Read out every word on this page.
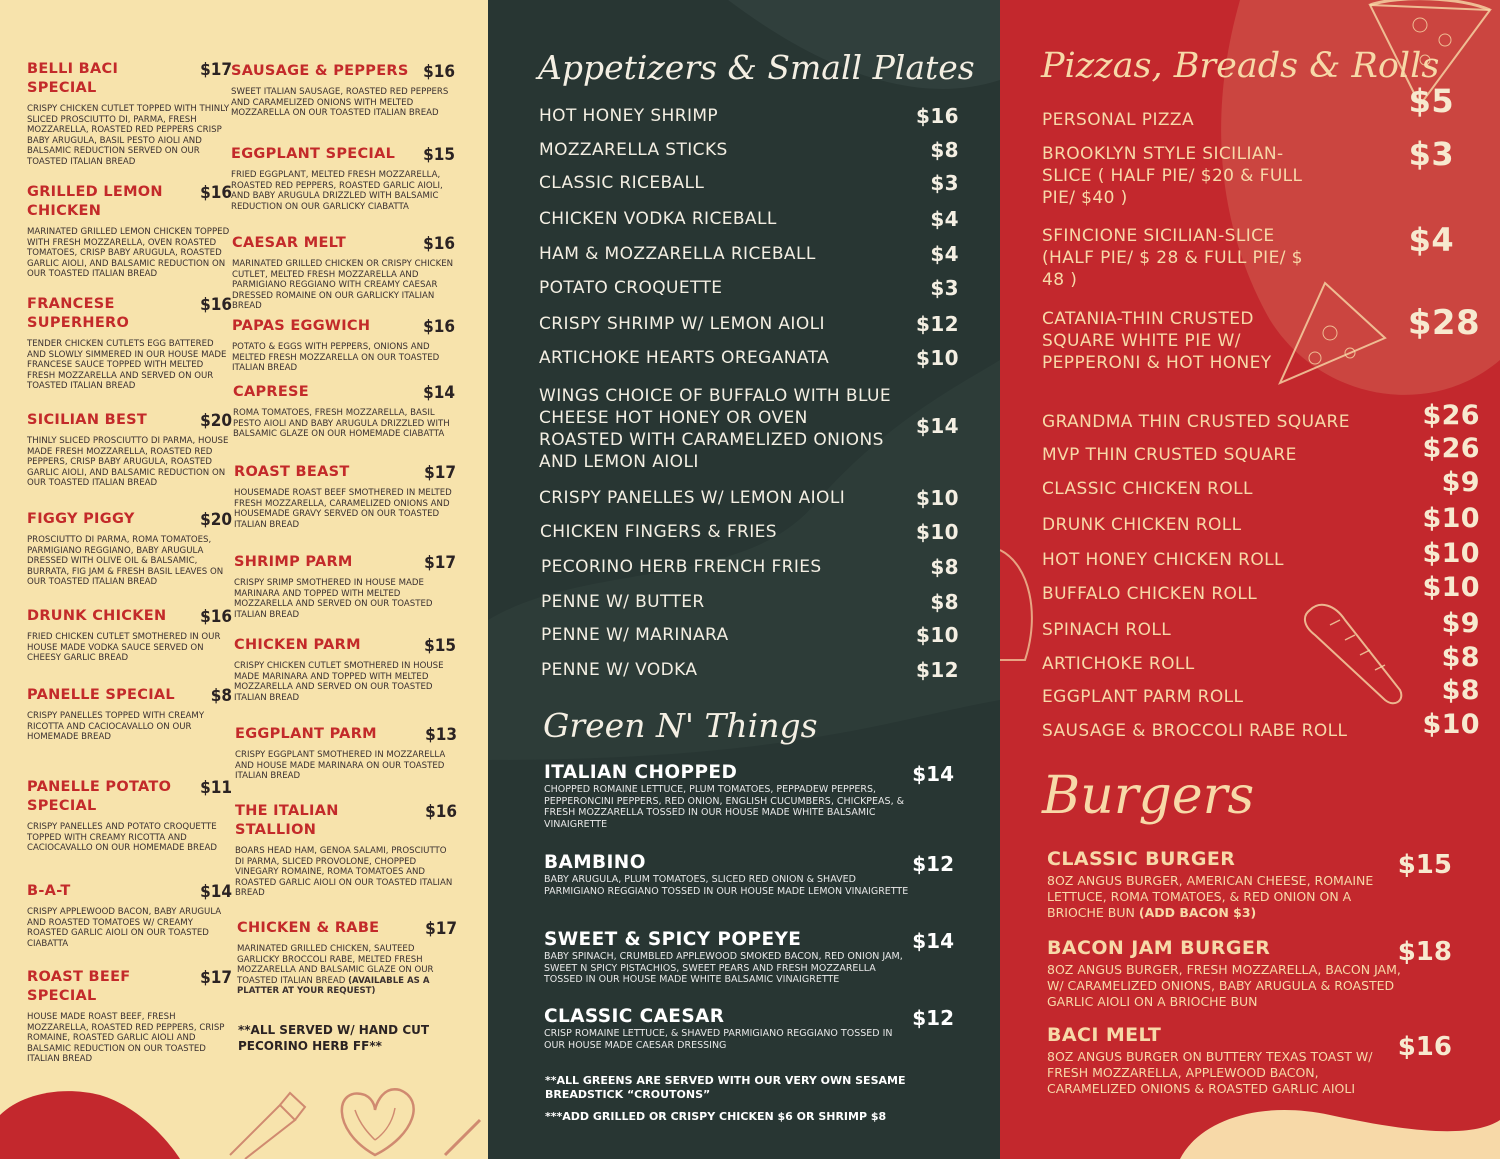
BELLI BACI SPECIAL
$17
CRISPY CHICKEN CUTLET TOPPED WITH THINLY SLICED PROSCIUTTO DI, PARMA, FRESH MOZZARELLA, ROASTED RED PEPPERS CRISP BABY ARUGULA, BASIL PESTO AIOLI AND BALSAMIC REDUCTION SERVED ON OUR TOASTED ITALIAN BREAD
GRILLED LEMON CHICKEN
$16
MARINATED GRILLED LEMON CHICKEN TOPPED WITH FRESH MOZZARELLA, OVEN ROASTED TOMATOES, CRISP BABY ARUGULA, ROASTED GARLIC AIOLI, AND BALSAMIC REDUCTION ON OUR TOASTED ITALIAN BREAD
FRANCESE SUPERHERO
$16
TENDER CHICKEN CUTLETS EGG BATTERED AND SLOWLY SIMMERED IN OUR HOUSE MADE FRANCESE SAUCE TOPPED WITH MELTED FRESH MOZZARELLA AND SERVED ON OUR TOASTED ITALIAN BREAD
SICILIAN BEST	$20
THINLY SLICED PROSCIUTTO DI PARMA, HOUSE MADE FRESH MOZZARELLA, ROASTED RED PEPPERS, CRISP BABY ARUGULA, ROASTED GARLIC AIOLI, AND BALSAMIC REDUCTION ON OUR TOASTED ITALIAN BREAD
FIGGY PIGGY	$20
PROSCIUTTO DI PARMA, ROMA TOMATOES, PARMIGIANO REGGIANO, BABY ARUGULA DRESSED WITH OLIVE OIL & BALSAMIC, BURRATA, FIG JAM & FRESH BASIL LEAVES ON OUR TOASTED ITALIAN BREAD
DRUNK CHICKEN	$16
FRIED CHICKEN CUTLET SMOTHERED IN OUR HOUSE MADE VODKA SAUCE SERVED ON CHEESY GARLIC BREAD
PANELLE SPECIAL $8
CRISPY PANELLES TOPPED WITH CREAMY RICOTTA AND CACIOCAVALLO ON OUR HOMEMADE BREAD
PANELLE POTATO SPECIAL
$11
CRISPY PANELLES AND POTATO CROQUETTE TOPPED WITH CREAMY RICOTTA AND CACIOCAVALLO ON OUR HOMEMADE BREAD
B-A-T	$14
CRISPY APPLEWOOD BACON, BABY ARUGULA AND ROASTED TOMATOES W/ CREAMY ROASTED GARLIC AIOLI ON OUR TOASTED CIABATTA
ROAST BEEF SPECIAL
$17
HOUSE MADE ROAST BEEF, FRESH MOZZARELLA, ROASTED RED PEPPERS, CRISP ROMAINE, ROASTED GARLIC AIOLI AND BALSAMIC REDUCTION ON OUR TOASTED ITALIAN BREAD
SAUSAGE & PEPPERS $16
SWEET ITALIAN SAUSAGE, ROASTED RED PEPPERS AND CARAMELIZED ONIONS WITH MELTED MOZZARELLA ON OUR TOASTED ITALIAN BREAD
EGGPLANT SPECIAL	$15
FRIED EGGPLANT, MELTED FRESH MOZZARELLA, ROASTED RED PEPPERS, ROASTED GARLIC AIOLI, AND BABY ARUGULA DRIZZLED WITH BALSAMIC REDUCTION ON OUR GARLICKY CIABATTA
CAESAR MELT	$16
MARINATED GRILLED CHICKEN OR CRISPY CHICKEN CUTLET, MELTED FRESH MOZZARELLA AND PARMIGIANO REGGIANO WITH CREAMY CAESAR DRESSED ROMAINE ON OUR GARLICKY ITALIAN BREAD
PAPAS EGGWICH	$16
POTATO & EGGS WITH PEPPERS, ONIONS AND MELTED FRESH MOZZARELLA ON OUR TOASTED ITALIAN BREAD
CAPRESE	$14
ROMA TOMATOES, FRESH MOZZARELLA, BASIL PESTO AIOLI AND BABY ARUGULA DRIZZLED WITH BALSAMIC GLAZE ON OUR HOMEMADE CIABATTA
ROAST BEAST	$17
HOUSEMADE ROAST BEEF SMOTHERED IN MELTED FRESH MOZZARELLA, CARAMELIZED ONIONS AND HOUSEMADE GRAVY SERVED ON OUR TOASTED ITALIAN BREAD
SHRIMP PARM	$17
CRISPY SRIMP SMOTHERED IN HOUSE MADE MARINARA AND TOPPED WITH MELTED MOZZARELLA AND SERVED ON OUR TOASTED ITALIAN BREAD
CHICKEN PARM	$15
CRISPY CHICKEN CUTLET SMOTHERED IN HOUSE MADE MARINARA AND TOPPED WITH MELTED MOZZARELLA AND SERVED ON OUR TOASTED ITALIAN BREAD
EGGPLANT PARM	$13
CRISPY EGGPLANT SMOTHERED IN MOZZARELLA AND HOUSE MADE MARINARA ON OUR TOASTED ITALIAN BREAD
THE ITALIAN STALLION
$16
BOARS HEAD HAM, GENOA SALAMI, PROSCIUTTO DI PARMA, SLICED PROVOLONE, CHOPPED VINEGARY ROMAINE, ROMA TOMATOES AND ROASTED GARLIC AIOLI ON OUR TOASTED ITALIAN BREAD
CHICKEN & RABE	$17
MARINATED GRILLED CHICKEN, SAUTEED GARLICKY BROCCOLI RABE, MELTED FRESH MOZZARELLA AND BALSAMIC GLAZE ON OUR TOASTED ITALIAN BREAD (AVAILABLE AS A PLATTER AT YOUR REQUEST)
**ALL SERVED W/ HAND CUT PECORINO HERB FF**
Appetizers & Small Plates
HOT HONEY SHRIMP	$16
MOZZARELLA STICKS	$8
CLASSIC RICEBALL	$3
CHICKEN VODKA RICEBALL	$4
HAM & MOZZARELLA RICEBALL	$4
POTATO CROQUETTE	$3
CRISPY SHRIMP W/ LEMON AIOLI	$12
ARTICHOKE HEARTS OREGANATA	$10
WINGS CHOICE OF BUFFALO WITH BLUE CHEESE HOT HONEY OR OVEN ROASTED WITH CARAMELIZED ONIONS AND LEMON AIOLI
$14
CRISPY PANELLES W/ LEMON AIOLI	$10
CHICKEN FINGERS & FRIES	$10
PECORINO HERB FRENCH FRIES	$8
PENNE W/ BUTTER	$8
PENNE W/ MARINARA	$10
PENNE W/ VODKA	$12
Green N' Things
ITALIAN CHOPPED	$14
CHOPPED ROMAINE LETTUCE, PLUM TOMATOES, PEPPADEW PEPPERS, PEPPERONCINI PEPPERS, RED ONION, ENGLISH CUCUMBERS, CHICKPEAS, & FRESH MOZZARELLA TOSSED IN OUR HOUSE MADE WHITE BALSAMIC VINAIGRETTE
BAMBINO	$12
BABY ARUGULA, PLUM TOMATOES, SLICED RED ONION & SHAVED PARMIGIANO REGGIANO TOSSED IN OUR HOUSE MADE LEMON VINAIGRETTE
SWEET & SPICY POPEYE	$14
BABY SPINACH, CRUMBLED APPLEWOOD SMOKED BACON, RED ONION JAM, SWEET N SPICY PISTACHIOS, SWEET PEARS AND FRESH MOZZARELLA TOSSED IN OUR HOUSE MADE WHITE BALSAMIC VINAIGRETTE
CLASSIC CAESAR	$12
CRISP ROMAINE LETTUCE, & SHAVED PARMIGIANO REGGIANO TOSSED IN OUR HOUSE MADE CAESAR DRESSING
**ALL GREENS ARE SERVED WITH OUR VERY OWN SESAME BREADSTICK “CROUTONS”
***ADD GRILLED OR CRISPY CHICKEN $6 OR SHRIMP $8
Pizzas, Breads & Rolls
PERSONAL PIZZA	$5
BROOKLYN STYLE SICILIAN-SLICE ( HALF PIE/ $20 & FULL PIE/ $40 )
$3
SFINCIONE SICILIAN-SLICE (HALF PIE/ $ 28 & FULL PIE/ $ 48 )
$4
CATANIA-THIN CRUSTED SQUARE WHITE PIE W/ PEPPERONI & HOT HONEY
$28
GRANDMA THIN CRUSTED SQUARE	$26
MVP THIN CRUSTED SQUARE	$26
CLASSIC CHICKEN ROLL	$9
DRUNK CHICKEN ROLL	$10
HOT HONEY CHICKEN ROLL	$10
BUFFALO CHICKEN ROLL	$10
SPINACH ROLL	$9
ARTICHOKE ROLL	$8
EGGPLANT PARM ROLL	$8
SAUSAGE & BROCCOLI RABE ROLL	$10
Burgers
CLASSIC BURGER	$15
8OZ ANGUS BURGER, AMERICAN CHEESE, ROMAINE LETTUCE, ROMA TOMATOES, & RED ONION ON A BRIOCHE BUN (ADD BACON $3)
BACON JAM BURGER	$18
8OZ ANGUS BURGER, FRESH MOZZARELLA, BACON JAM, W/ CARAMELIZED ONIONS, BABY ARUGULA & ROASTED GARLIC AIOLI ON A BRIOCHE BUN
BACI MELT	$16
8OZ ANGUS BURGER ON BUTTERY TEXAS TOAST W/ FRESH MOZZARELLA, APPLEWOOD BACON, CARAMELIZED ONIONS & ROASTED GARLIC AIOLI
